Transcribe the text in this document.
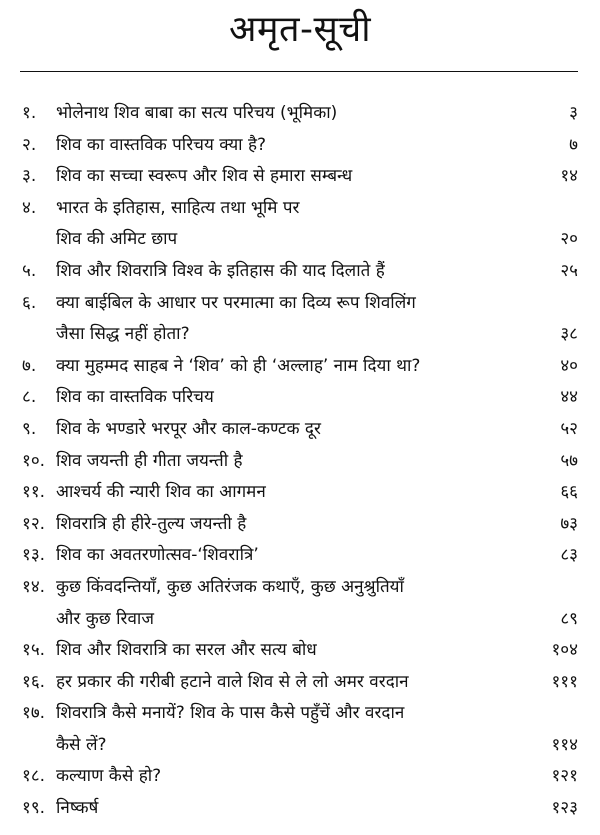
अमृत-सूची
१. भोलेनाथ शिव बाबा का सत्य परिचय (भूमिका)	३
२. शिव का वास्तविक परिचय क्या है?	७
३. शिव का सच्चा स्वरूप और शिव से हमारा सम्बन्ध	१४
४. भारत के इतिहास, साहित्य तथा भूमि पर
शिव की अमिट छाप	२०
५. शिव और शिवरात्रि विश्व के इतिहास की याद दिलाते हैं	२५
६. क्या बाईबिल के आधार पर परमात्मा का दिव्य रूप शिवलिंग
जैसा सिद्ध नहीं होता?	३८
७. क्या मुहम्मद साहब ने ‘शिव’ को ही ‘अल्लाह’ नाम दिया था?	४०
८. शिव का वास्तविक परिचय	४४
९. शिव के भण्डारे भरपूर और काल-कण्टक दूर	५२
१०. शिव जयन्ती ही गीता जयन्ती है	५७
११. आश्चर्य की न्यारी शिव का आगमन	६६
१२. शिवरात्रि ही हीरे-तुल्य जयन्ती है	७३
१३. शिव का अवतरणोत्सव-‘शिवरात्रि’	८३
१४. कुछ किंवदन्तियाँ, कुछ अतिरंजक कथाएँ, कुछ अनुश्रुतियाँ
और कुछ रिवाज	८९
१५. शिव और शिवरात्रि का सरल और सत्य बोध	१०४
१६. हर प्रकार की गरीबी हटाने वाले शिव से ले लो अमर वरदान	१११
१७. शिवरात्रि कैसे मनायें? शिव के पास कैसे पहुँचें और वरदान
कैसे लें?	११४
१८. कल्याण कैसे हो?	१२१
१९. निष्कर्ष	१२३
